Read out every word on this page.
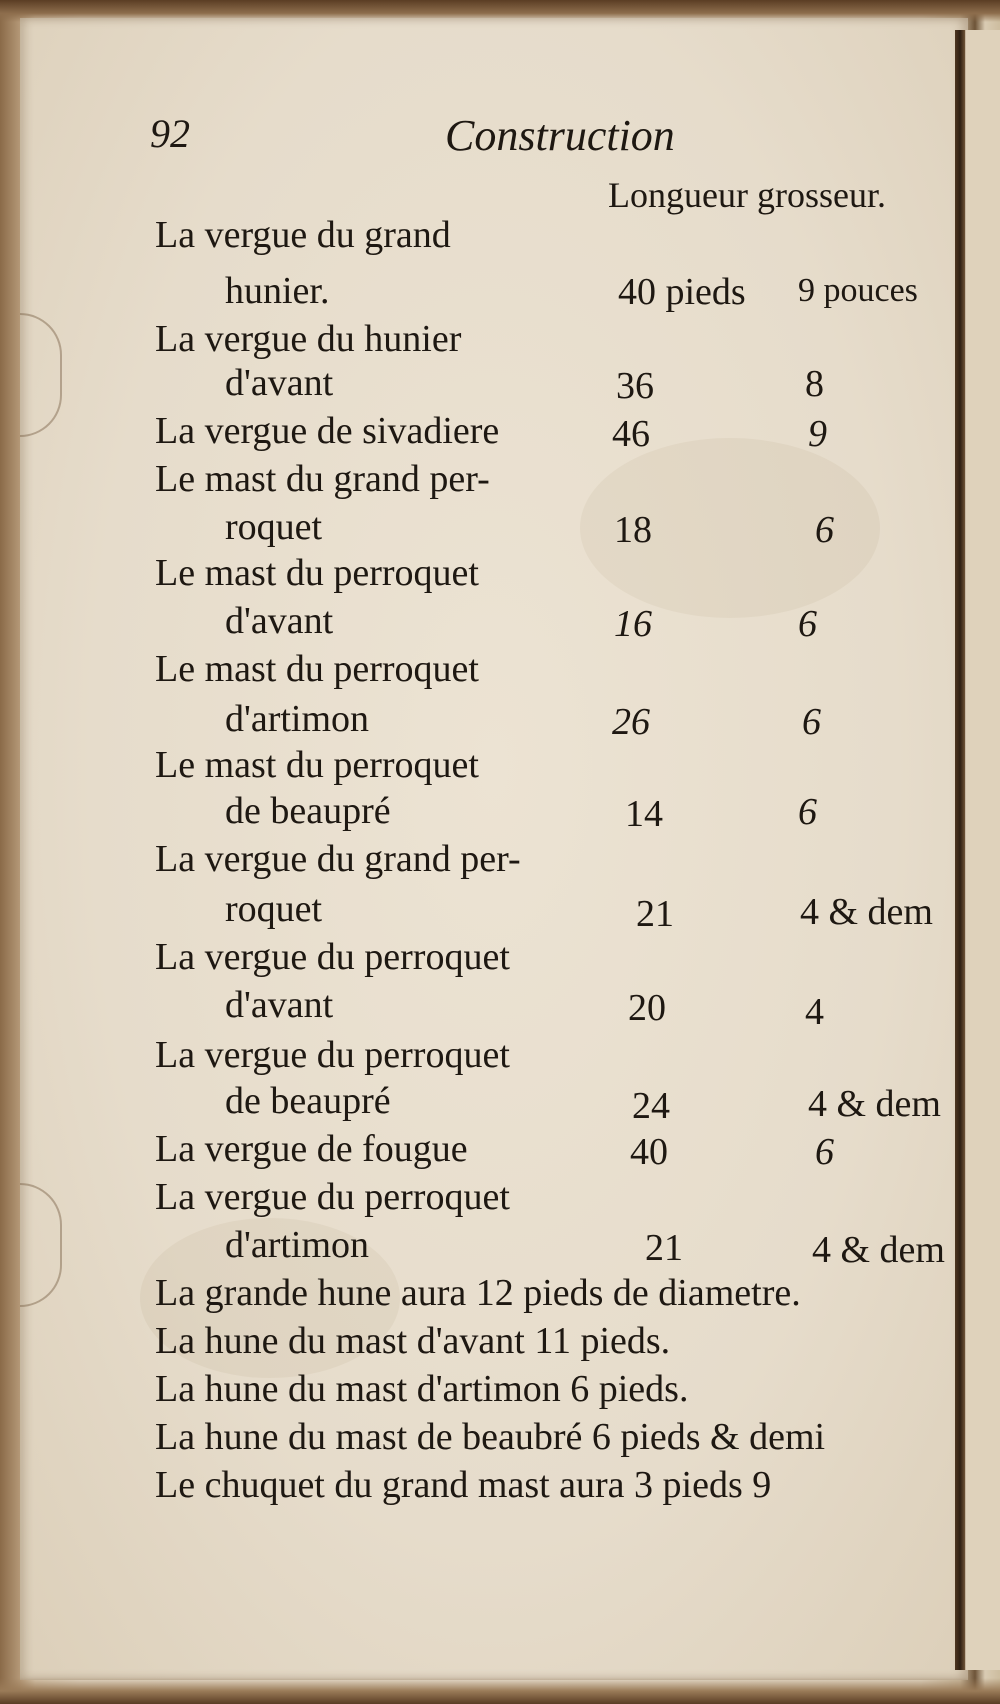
92	Construction
Longueur grosseur.
La vergue du grand
hunier.	40 pieds 9 pouces
La vergue du hunier
d'avant	36	8
La vergue de sivadiere	46	9
Le mast du grand per-
roquet	18	6
Le mast du perroquet
d'avant	16	6
Le mast du perroquet
d'artimon	26	6
Le mast du perroquet
de beaupré	14	6
La vergue du grand per-
roquet	21	4 & dem
La vergue du perroquet
d'avant	20	4
La vergue du perroquet
de beaupré	24	4 & dem
La vergue de fougue	40	6
La vergue du perroquet
d'artimon	21	4 & dem
La grande hune aura 12 pieds de diametre.
La hune du mast d'avant 11 pieds.
La hune du mast d'artimon 6 pieds.
La hune du mast de beaubré 6 pieds & demi
Le chuquet du grand mast aura 3 pieds 9
